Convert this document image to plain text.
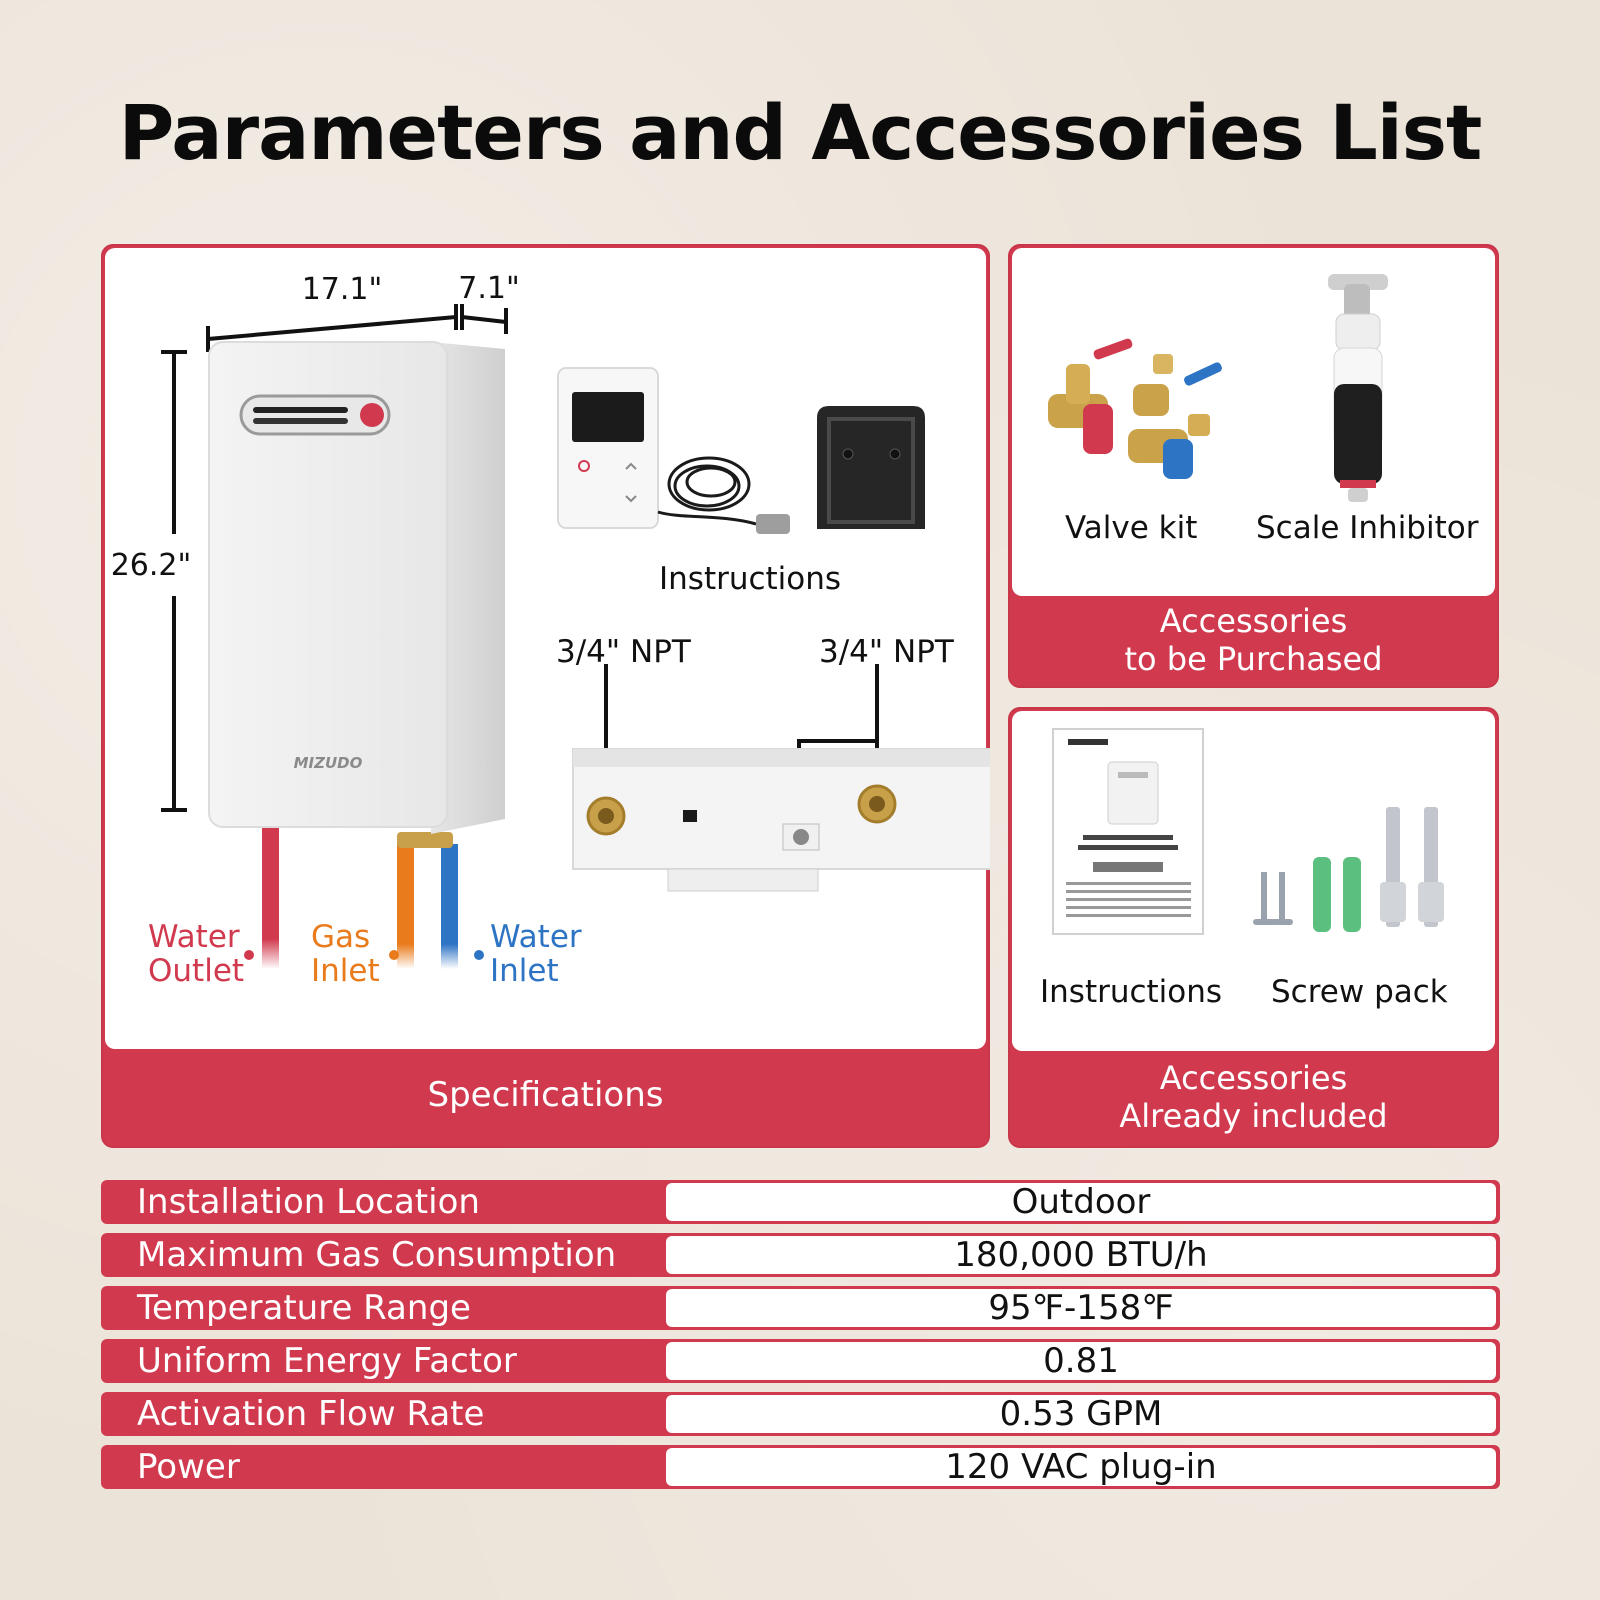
Parameters and Accessories List
Specifications
26.2"
17.1"	7.1"
MIZUDO
Instructions
3/4" NPT	3/4" NPT
Water
Outlet
Gas
Inlet
Water
Inlet
Accessories
to be Purchased
Valve kit Scale Inhibitor
Accessories
Already included
Instructions Screw pack
Installation Location	Outdoor
Maximum Gas Consumption	180,000 BTU/h
Temperature Range	95℉-158℉
Uniform Energy Factor	0.81
Activation Flow Rate	0.53 GPM
Power	120 VAC plug-in
